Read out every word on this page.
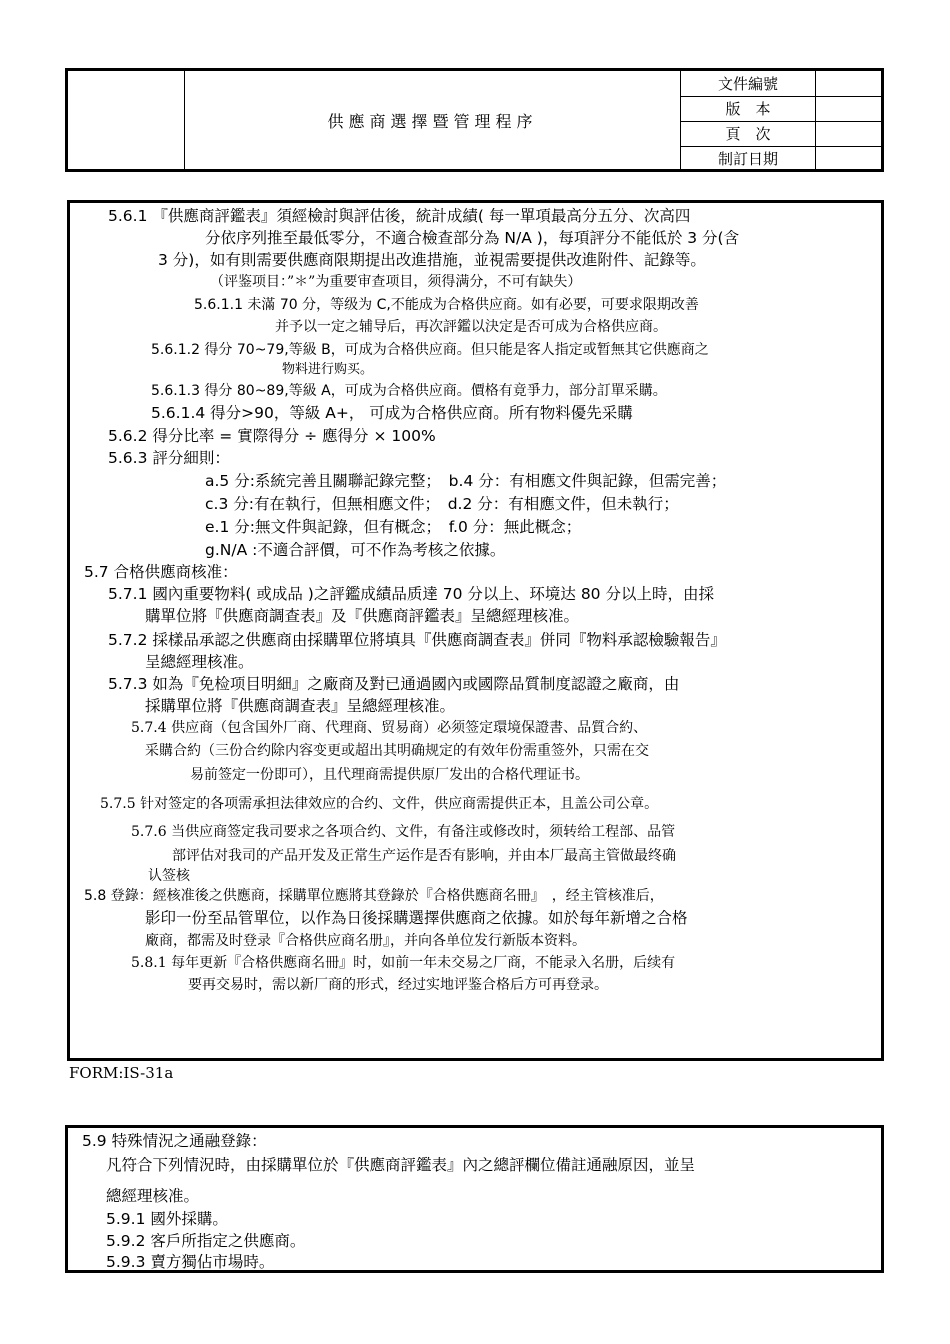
供應商選擇暨管理程序
文件編號
版　本
頁　次
制訂日期
5.6.1 『供應商評鑑表』須經檢討與評估後，統計成績( 每一單項最高分五分、次高四
分依序列推至最低零分，不適合檢查部分為 N/A )，每項評分不能低於 3 分(含
3 分)，如有則需要供應商限期提出改進措施，並視需要提供改進附件、記錄等。
（评鉴项目：”＊”为重要审查项目，须得满分，不可有缺失）
5.6.1.1 未滿 70 分，等级为 C,不能成为合格供应商。如有必要，可要求限期改善
并予以一定之辅导后，再次評鑑以決定是否可成为合格供应商。
5.6.1.2 得分 70~79,等級 B，可成为合格供应商。但只能是客人指定或暂無其它供應商之
物料进行购买。
5.6.1.3 得分 80~89,等級 A，可成为合格供应商。價格有竟爭力，部分訂單采購。
5.6.1.4 得分>90，等級 A+， 可成为合格供应商。所有物料優先采購
5.6.2 得分比率 = 實際得分 ÷ 應得分 × 100%
5.6.3 評分細則：
a.5 分:系統完善且關聯記錄完整；　b.4 分：有相應文件與記錄，但需完善；
c.3 分:有在執行，但無相應文件；　d.2 分：有相應文件，但未執行；
e.1 分:無文件與記錄，但有概念；　f.0 分：無此概念；
g.N/A :不適合評價，可不作為考核之依據。
5.7 合格供應商核准：
5.7.1 國內重要物料( 或成品 )之評鑑成績品质達 70 分以上、环境达 80 分以上時，由採
購單位將『供應商調查表』及『供應商評鑑表』呈總經理核准。
5.7.2 採樣品承認之供應商由採購單位將填具『供應商調查表』併同『物料承認檢驗報告』
呈總經理核准。
5.7.3 如為『免检项目明細』之廠商及對已通過國內或國際品質制度認證之廠商，由
採購單位將『供應商調查表』呈總經理核准。
5.7.4 供应商（包含国外厂商、代理商、贸易商）必须签定環境保證書、品質合約、
采購合約（三份合约除内容变更或超出其明确规定的有效年份需重签外，只需在交
易前签定一份即可），且代理商需提供原厂发出的合格代理证书。
5.7.5 针对签定的各项需承担法律效应的合约、文件，供应商需提供正本，且盖公司公章。
5.7.6 当供应商签定我司要求之各项合约、文件，有备注或修改时，须转给工程部、品管
部评估对我司的产品开发及正常生产运作是否有影响，并由本厂最高主管做最终确
认签核
5.8 登錄：經核准後之供應商，採購單位應將其登錄於『合格供應商名冊』　，经主管核准后，
影印一份至品管單位，以作為日後採購選擇供應商之依據。如於每年新增之合格
廠商，都需及时登录『合格供应商名册』，并向各单位发行新版本资料。
5.8.1 每年更新『合格供應商名冊』时，如前一年未交易之厂商，不能录入名册，后续有
要再交易时，需以新厂商的形式，经过实地评鉴合格后方可再登录。
FORM:IS-31a
5.9 特殊情況之通融登錄：
凡符合下列情況時，由採購單位於『供應商評鑑表』內之總評欄位備註通融原因，並呈
總經理核准。
5.9.1 國外採購。
5.9.2 客戶所指定之供應商。
5.9.3 賣方獨佔市場時。
